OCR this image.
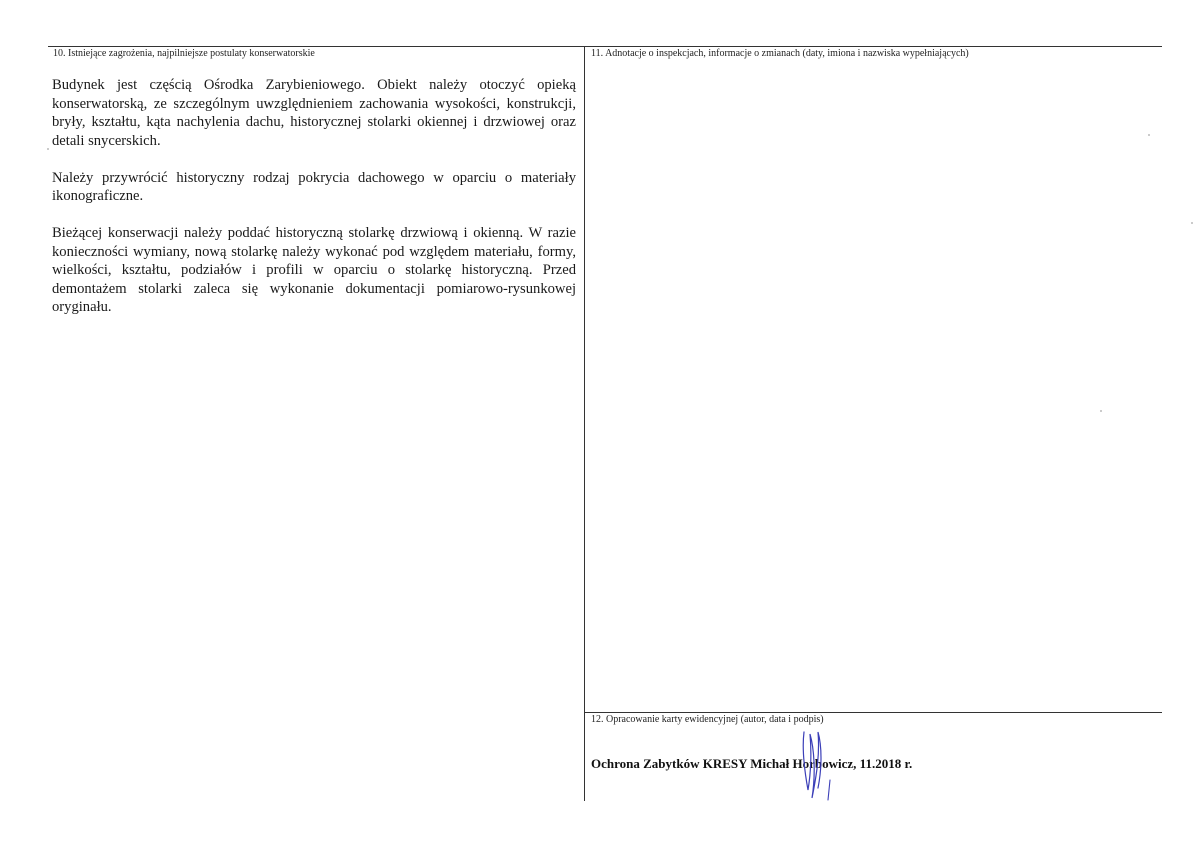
10. Istniejące zagrożenia, najpilniejsze postulaty konserwatorskie

Budynek jest częścią Ośrodka Zarybieniowego. Obiekt należy otoczyć opieką konserwatorską, ze szczególnym uwzględnieniem zachowania wysokości, konstrukcji, bryły, kształtu, kąta nachylenia dachu, historycznej stolarki okiennej i drzwiowej oraz detali snycerskich.

Należy przywrócić historyczny rodzaj pokrycia dachowego w oparciu o materiały ikonograficzne.

Bieżącej konserwacji należy poddać historyczną stolarkę drzwiową i okienną. W razie konieczności wymiany, nową stolarkę należy wykonać pod względem materiału, formy, wielkości, kształtu, podziałów i profili w oparciu o stolarkę historyczną. Przed demontażem stolarki zaleca się wykonanie dokumentacji pomiarowo-rysunkowej oryginału.

11. Adnotacje o inspekcjach, informacje o zmianach (daty, imiona i nazwiska wypełniających)
12. Opracowanie karty ewidencyjnej (autor, data i podpis)
Ochrona Zabytków KRESY Michał Horbowicz, 11.2018 r.
